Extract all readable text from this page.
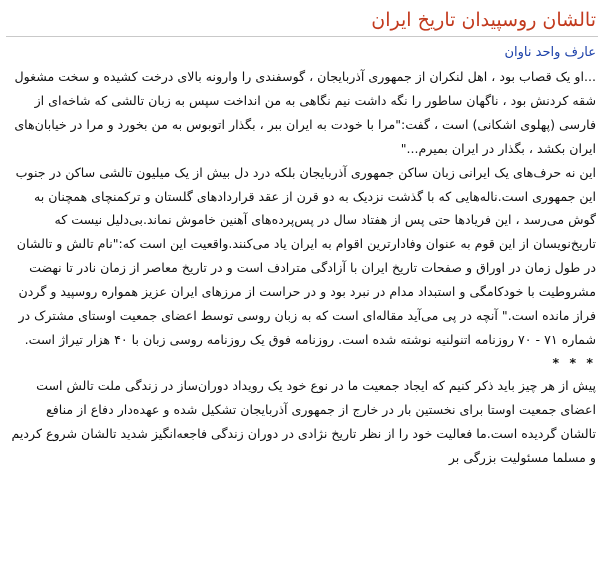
تالشان روسپیدان تاریخ ایران
عارف واحد ناوان

...او یک قصاب بود ، اهل لنکران از جمهوری آذربایجان ، گوسفندی را وارونه بالای درخت کشیده و سخت مشغول شقه کردنش بود ، ناگهان ساطور را نگه داشت نیم نگاهی به من انداخت سپس به زبان تالشی که شاخه‌ای از فارسی (پهلوی اشکانی) است ، گفت:"مرا با خودت به ایران ببر ، بگذار اتوبوس به من بخورد و مرا در خیابان‌های ایران بکشد ، بگذار در ایران بمیرم..."

این نه حرف‌های یک ایرانی زبان ساکن جمهوری آذربایجان بلکه درد دل بیش از یک میلیون تالشی ساکن در جنوب این جمهوری است.ناله‌هایی که با گذشت نزدیک به دو قرن از عقد قراردادهای گلستان و ترکمنچای همچنان به گوش می‌رسد ، این فریادها حتی پس از هفتاد سال در پس‌پرده‌های آهنین خاموش نماند.بی‌دلیل نیست که تاریخ‌نویسان از این قوم به عنوان وفادارترین اقوام به ایران یاد می‌کنند.واقعیت این است که:"نام تالش و تالشان در طول زمان در اوراق و صفحات تاریخ ایران با آزادگی مترادف است و در تاریخ معاصر از زمان نادر تا نهضت مشروطیت با خودکامگی و استبداد مدام در نبرد بود و در حراست از مرزهای ایران عزیز همواره روسپید و گردن فراز مانده است." آنچه در پی می‌آید مقاله‌ای است که به زبان روسی توسط اعضای جمعیت اوستای مشترک در شماره ۷۱ - ۷۰ روزنامه اتنولنیه نوشته شده است. روزنامه فوق یک روزنامه روسی زبان با ۴۰ هزار تیراژ است.

* * *

پیش از هر چیز باید ذکر کنیم که ایجاد جمعیت ما در نوع خود یک رویداد دوران‌ساز در زندگی ملت تالش است اعضای جمعیت اوستا برای نخستین بار در خارج از جمهوری آذربایجان تشکیل شده و عهده‌دار دفاع از منافع تالشان گردیده است.ما فعالیت خود را از نظر تاریخ نژادی در دوران زندگی فاجعه‌انگیز شدید تالشان شروع کردیم و مسلما مسئولیت بزرگی بر
